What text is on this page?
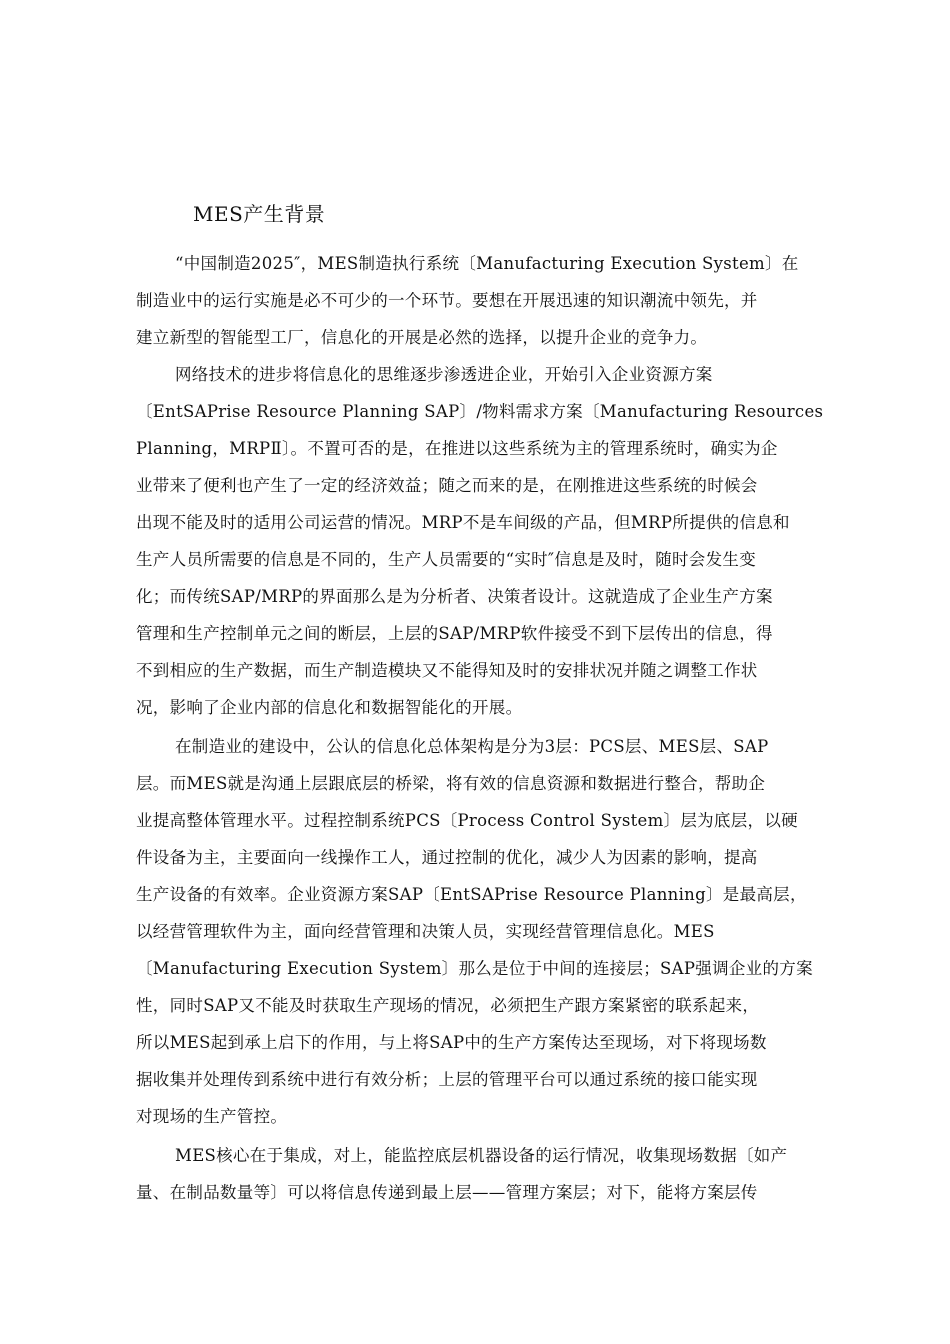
MES产生背景
“中国制造2025″，MES制造执行系统〔Manufacturing Execution System〕在
制造业中的运行实施是必不可少的一个环节。要想在开展迅速的知识潮流中领先，并
建立新型的智能型工厂，信息化的开展是必然的选择，以提升企业的竞争力。
网络技术的进步将信息化的思维逐步渗透进企业，开始引入企业资源方案
〔EntSAPrise Resource Planning SAP〕/物料需求方案〔Manufacturing Resources
Planning，MRPⅡ〕。不置可否的是，在推进以这些系统为主的管理系统时，确实为企
业带来了便利也产生了一定的经济效益；随之而来的是，在刚推进这些系统的时候会
出现不能及时的适用公司运营的情况。MRP不是车间级的产品，但MRP所提供的信息和
生产人员所需要的信息是不同的，生产人员需要的“实时″信息是及时，随时会发生变
化；而传统SAP/MRP的界面那么是为分析者、决策者设计。这就造成了企业生产方案
管理和生产控制单元之间的断层，上层的SAP/MRP软件接受不到下层传出的信息，得
不到相应的生产数据，而生产制造模块又不能得知及时的安排状况并随之调整工作状
况，影响了企业内部的信息化和数据智能化的开展。
在制造业的建设中，公认的信息化总体架构是分为3层：PCS层、MES层、SAP
层。而MES就是沟通上层跟底层的桥梁，将有效的信息资源和数据进行整合，帮助企
业提高整体管理水平。过程控制系统PCS〔Process Control System〕层为底层，以硬
件设备为主，主要面向一线操作工人，通过控制的优化，减少人为因素的影响，提高
生产设备的有效率。企业资源方案SAP〔EntSAPrise Resource Planning〕是最高层，
以经营管理软件为主，面向经营管理和决策人员，实现经营管理信息化。MES
〔Manufacturing Execution System〕那么是位于中间的连接层；SAP强调企业的方案
性，同时SAP又不能及时获取生产现场的情况，必须把生产跟方案紧密的联系起来，
所以MES起到承上启下的作用，与上将SAP中的生产方案传达至现场，对下将现场数
据收集并处理传到系统中进行有效分析；上层的管理平台可以通过系统的接口能实现
对现场的生产管控。
MES核心在于集成，对上，能监控底层机器设备的运行情况，收集现场数据〔如产
量、在制品数量等〕可以将信息传递到最上层——管理方案层；对下，能将方案层传
